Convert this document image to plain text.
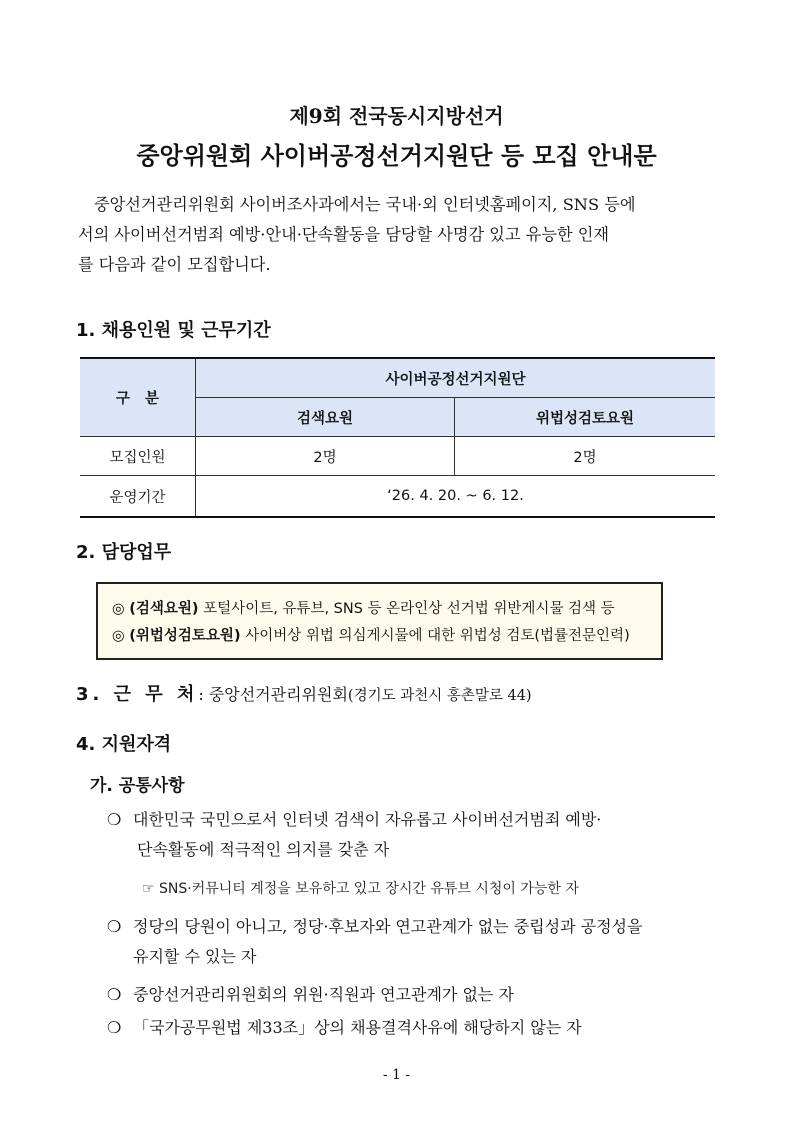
제9회 전국동시지방선거
중앙위원회 사이버공정선거지원단 등 모집 안내문

중앙선거관리위원회 사이버조사과에서는 국내·외 인터넷홈페이지, SNS 등에

서의 사이버선거범죄 예방·안내·단속활동을 담당할 사명감 있고 유능한 인재

를 다음과 같이 모집합니다.

1. 채용인원 및 근무기간
구   분	사이버공정선거지원단	
	검색요원	위법성검토요원
모집인원	2명	2명
운영기간	‘26. 4. 20. ~ 6. 12.	
2. 담당업무
◎ (검색요원) 포털사이트, 유튜브, SNS 등 온라인상 선거법 위반게시물 검색 등
◎ (위법성검토요원) 사이버상 위법 의심게시물에 대한 위법성 검토(법률전문인력)
3. 근 무 처: 중앙선거관리위원회(경기도 과천시 홍촌말로 44)
4. 지원자격
가. 공통사항
❍ 대한민국 국민으로서 인터넷 검색이 자유롭고 사이버선거범죄 예방·
단속활동에 적극적인 의지를 갖춘 자
☞ SNS·커뮤니티 계정을 보유하고 있고 장시간 유튜브 시청이 가능한 자
❍ 정당의 당원이 아니고, 정당·후보자와 연고관계가 없는 중립성과 공정성을
유지할 수 있는 자
❍ 중앙선거관리위원회의 위원·직원과 연고관계가 없는 자
❍ 「국가공무원법 제33조」상의 채용결격사유에 해당하지 않는 자
- 1 -
